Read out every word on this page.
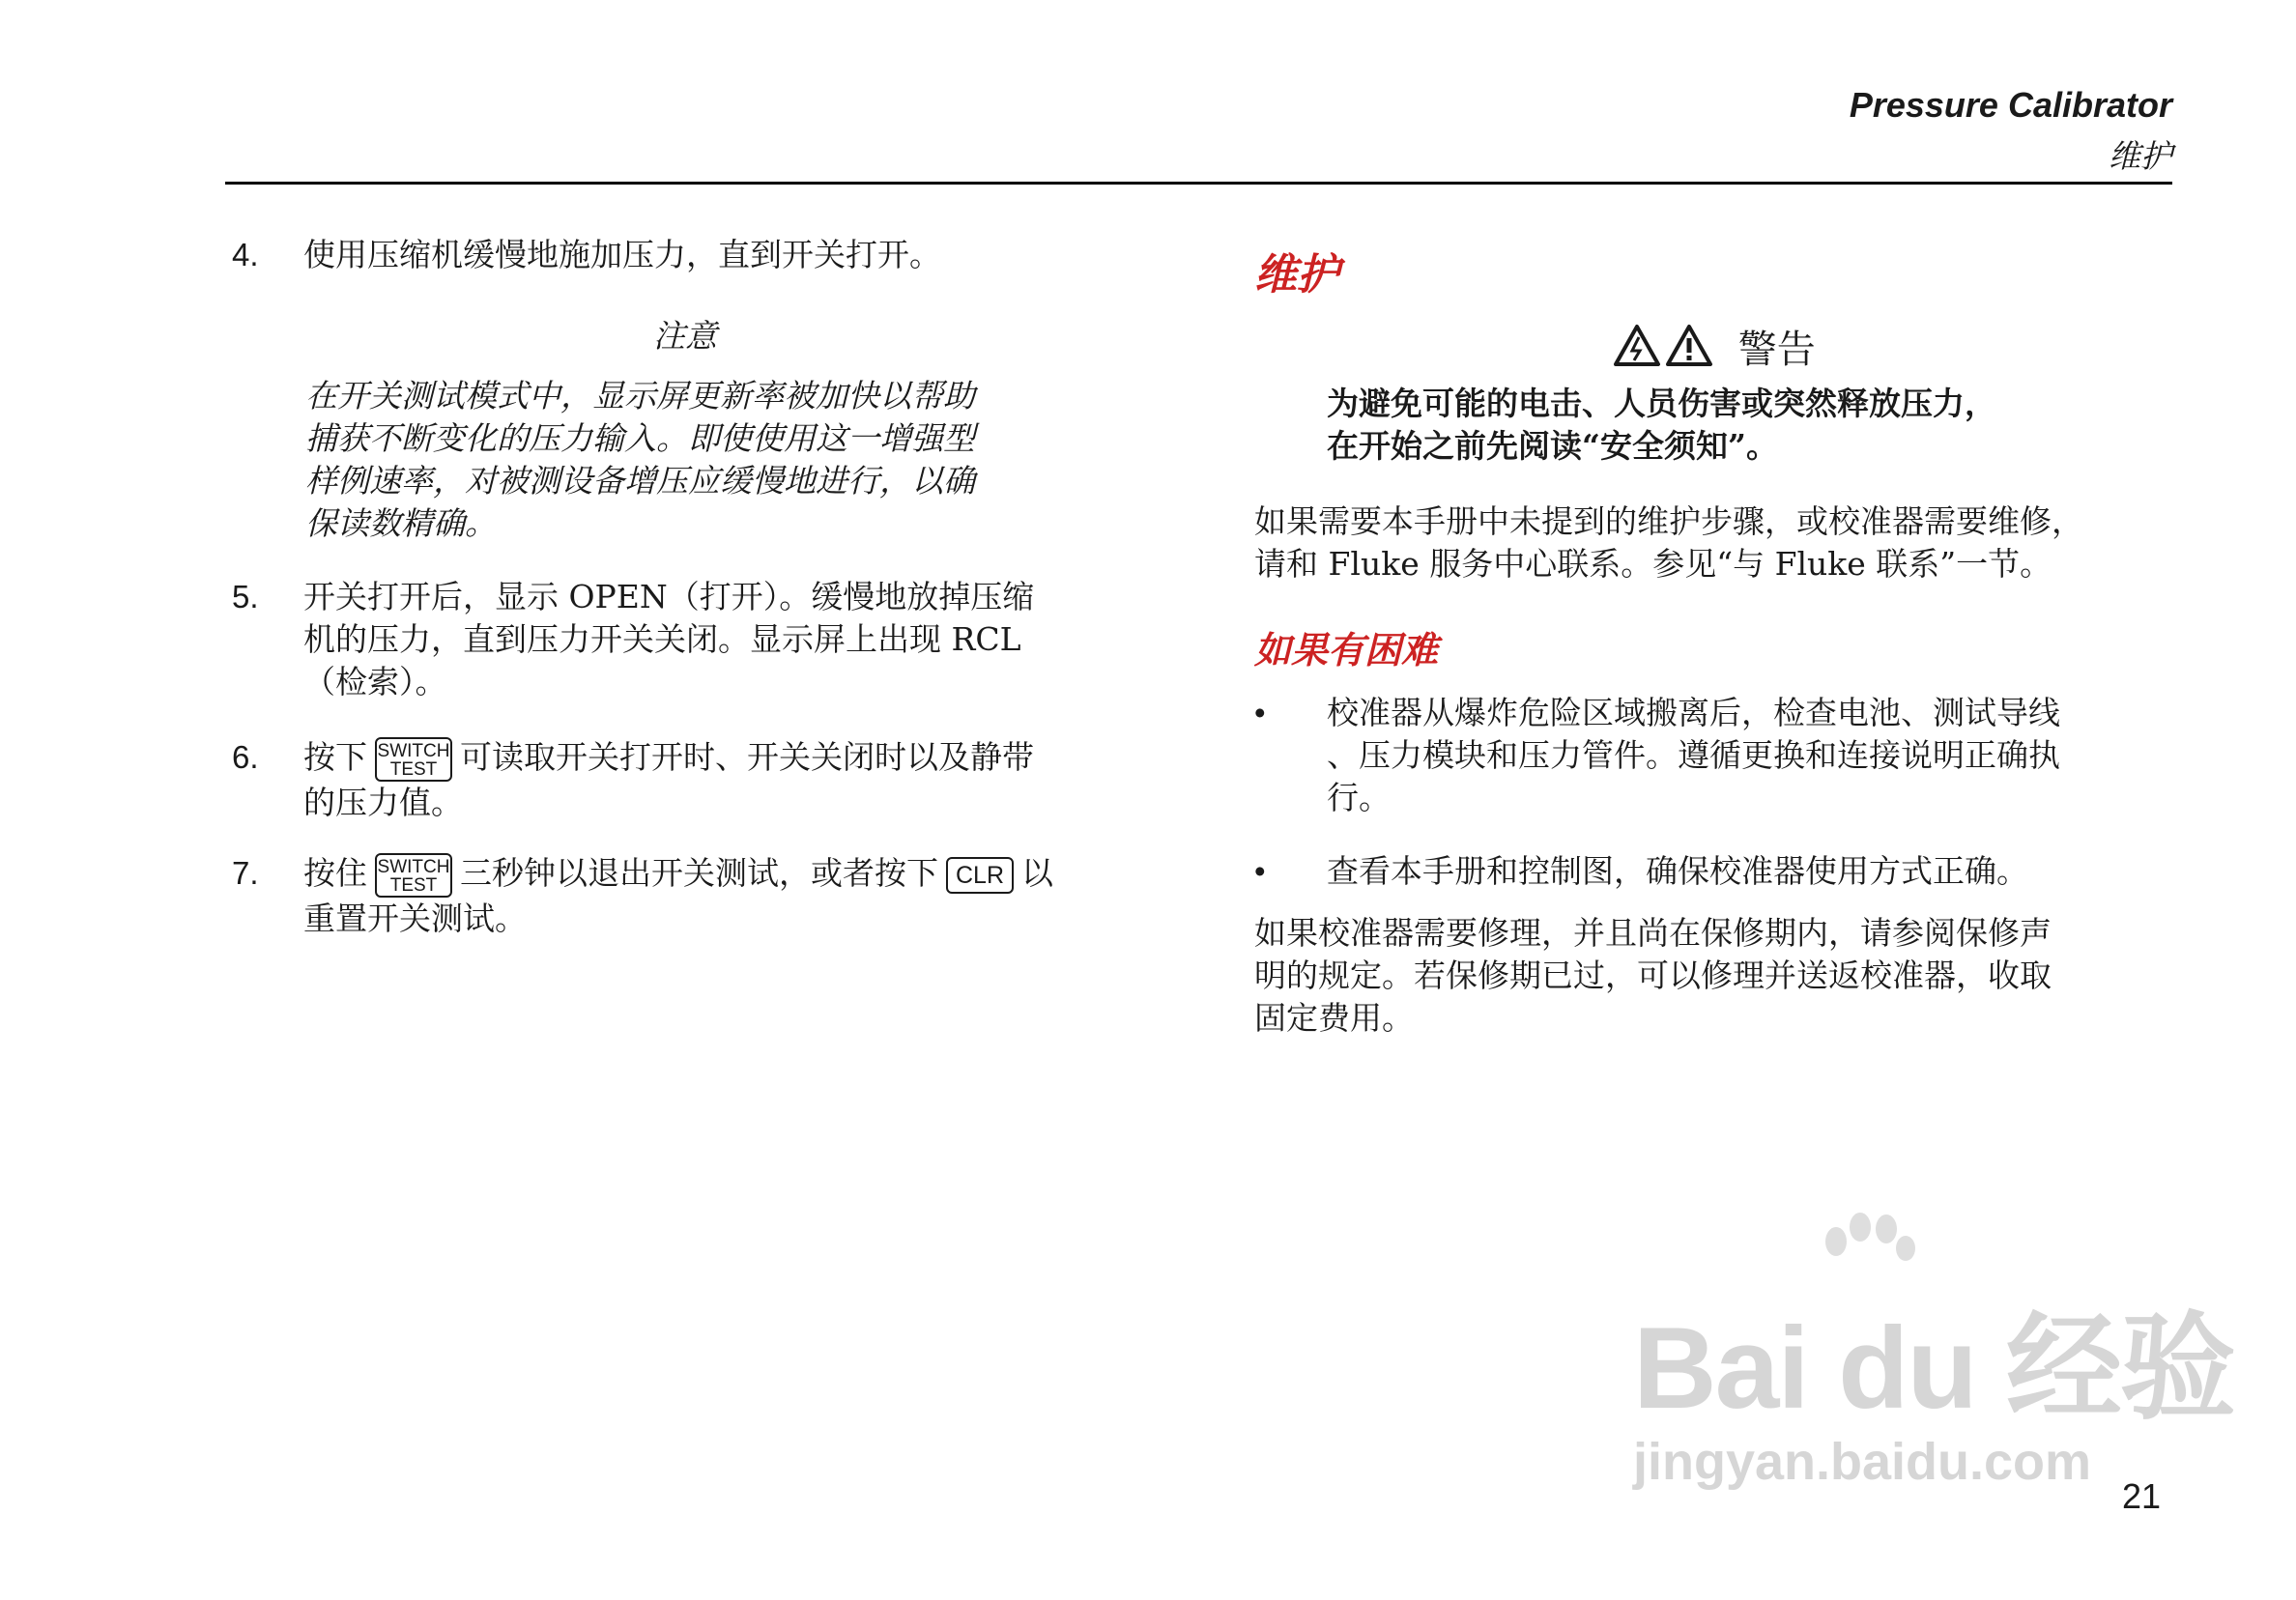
Pressure Calibrator
维护
4. 使用压缩机缓慢地施加压力，直到开关打开。
注意
在开关测试模式中，显示屏更新率被加快以帮助
捕获不断变化的压力输入。即使使用这一增强型
样例速率，对被测设备增压应缓慢地进行，以确
保读数精确。
5. 开关打开后，显示 OPEN（打开）。缓慢地放掉压缩
机的压力，直到压力开关关闭。显示屏上出现 RCL
（检索）。
6. 按下 SWITCH
TEST 可读取开关打开时、开关关闭时以及静带
的压力值。
7. 按住 SWITCH
TEST 三秒钟以退出开关测试，或者按下 CLR 以
重置开关测试。
维护
警告
为避免可能的电击、人员伤害或突然释放压力，
在开始之前先阅读“安全须知”。
如果需要本手册中未提到的维护步骤，或校准器需要维修，
请和 Fluke 服务中心联系。参见“与 Fluke 联系”一节。
如果有困难
• 校准器从爆炸危险区域搬离后，检查电池、测试导线
、压力模块和压力管件。遵循更换和连接说明正确执
行。
• 查看本手册和控制图，确保校准器使用方式正确。
如果校准器需要修理，并且尚在保修期内，请参阅保修声
明的规定。若保修期已过，可以修理并送返校准器，收取
固定费用。
Bai du 经验
jingyan.baidu.com
21
